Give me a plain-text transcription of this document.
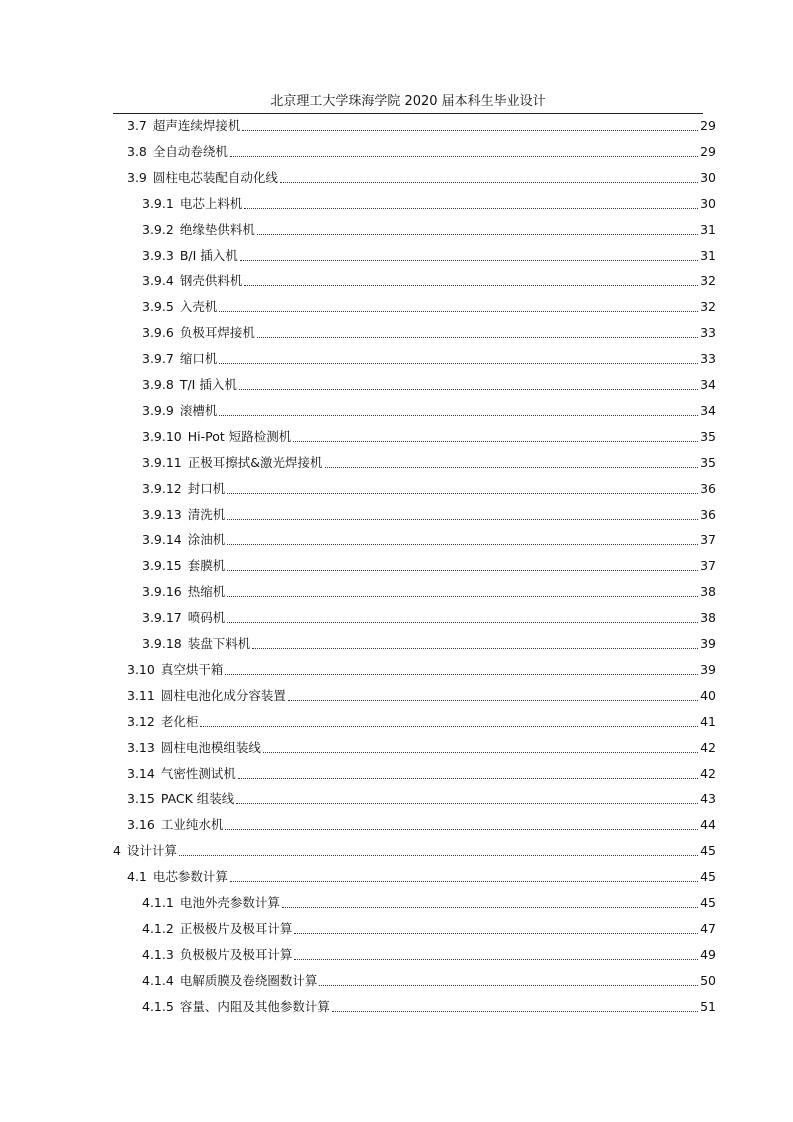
北京理工大学珠海学院 2020 届本科生毕业设计
3.7 超声连续焊接机	29
3.8 全自动卷绕机	29
3.9 圆柱电芯装配自动化线	30
3.9.1 电芯上料机	30
3.9.2 绝缘垫供料机	31
3.9.3 B/I 插入机	31
3.9.4 钢壳供料机	32
3.9.5 入壳机	32
3.9.6 负极耳焊接机	33
3.9.7 缩口机	33
3.9.8 T/I 插入机	34
3.9.9 滚槽机	34
3.9.10 Hi-Pot 短路检测机	35
3.9.11 正极耳擦拭&激光焊接机	35
3.9.12 封口机	36
3.9.13 清洗机	36
3.9.14 涂油机	37
3.9.15 套膜机	37
3.9.16 热缩机	38
3.9.17 喷码机	38
3.9.18 装盘下料机	39
3.10 真空烘干箱	39
3.11 圆柱电池化成分容装置	40
3.12 老化柜	41
3.13 圆柱电池模组装线	42
3.14 气密性测试机	42
3.15 PACK 组装线	43
3.16 工业纯水机	44
4 设计计算	45
4.1 电芯参数计算	45
4.1.1 电池外壳参数计算	45
4.1.2 正极极片及极耳计算	47
4.1.3 负极极片及极耳计算	49
4.1.4 电解质膜及卷绕圈数计算	50
4.1.5 容量、内阻及其他参数计算	51
